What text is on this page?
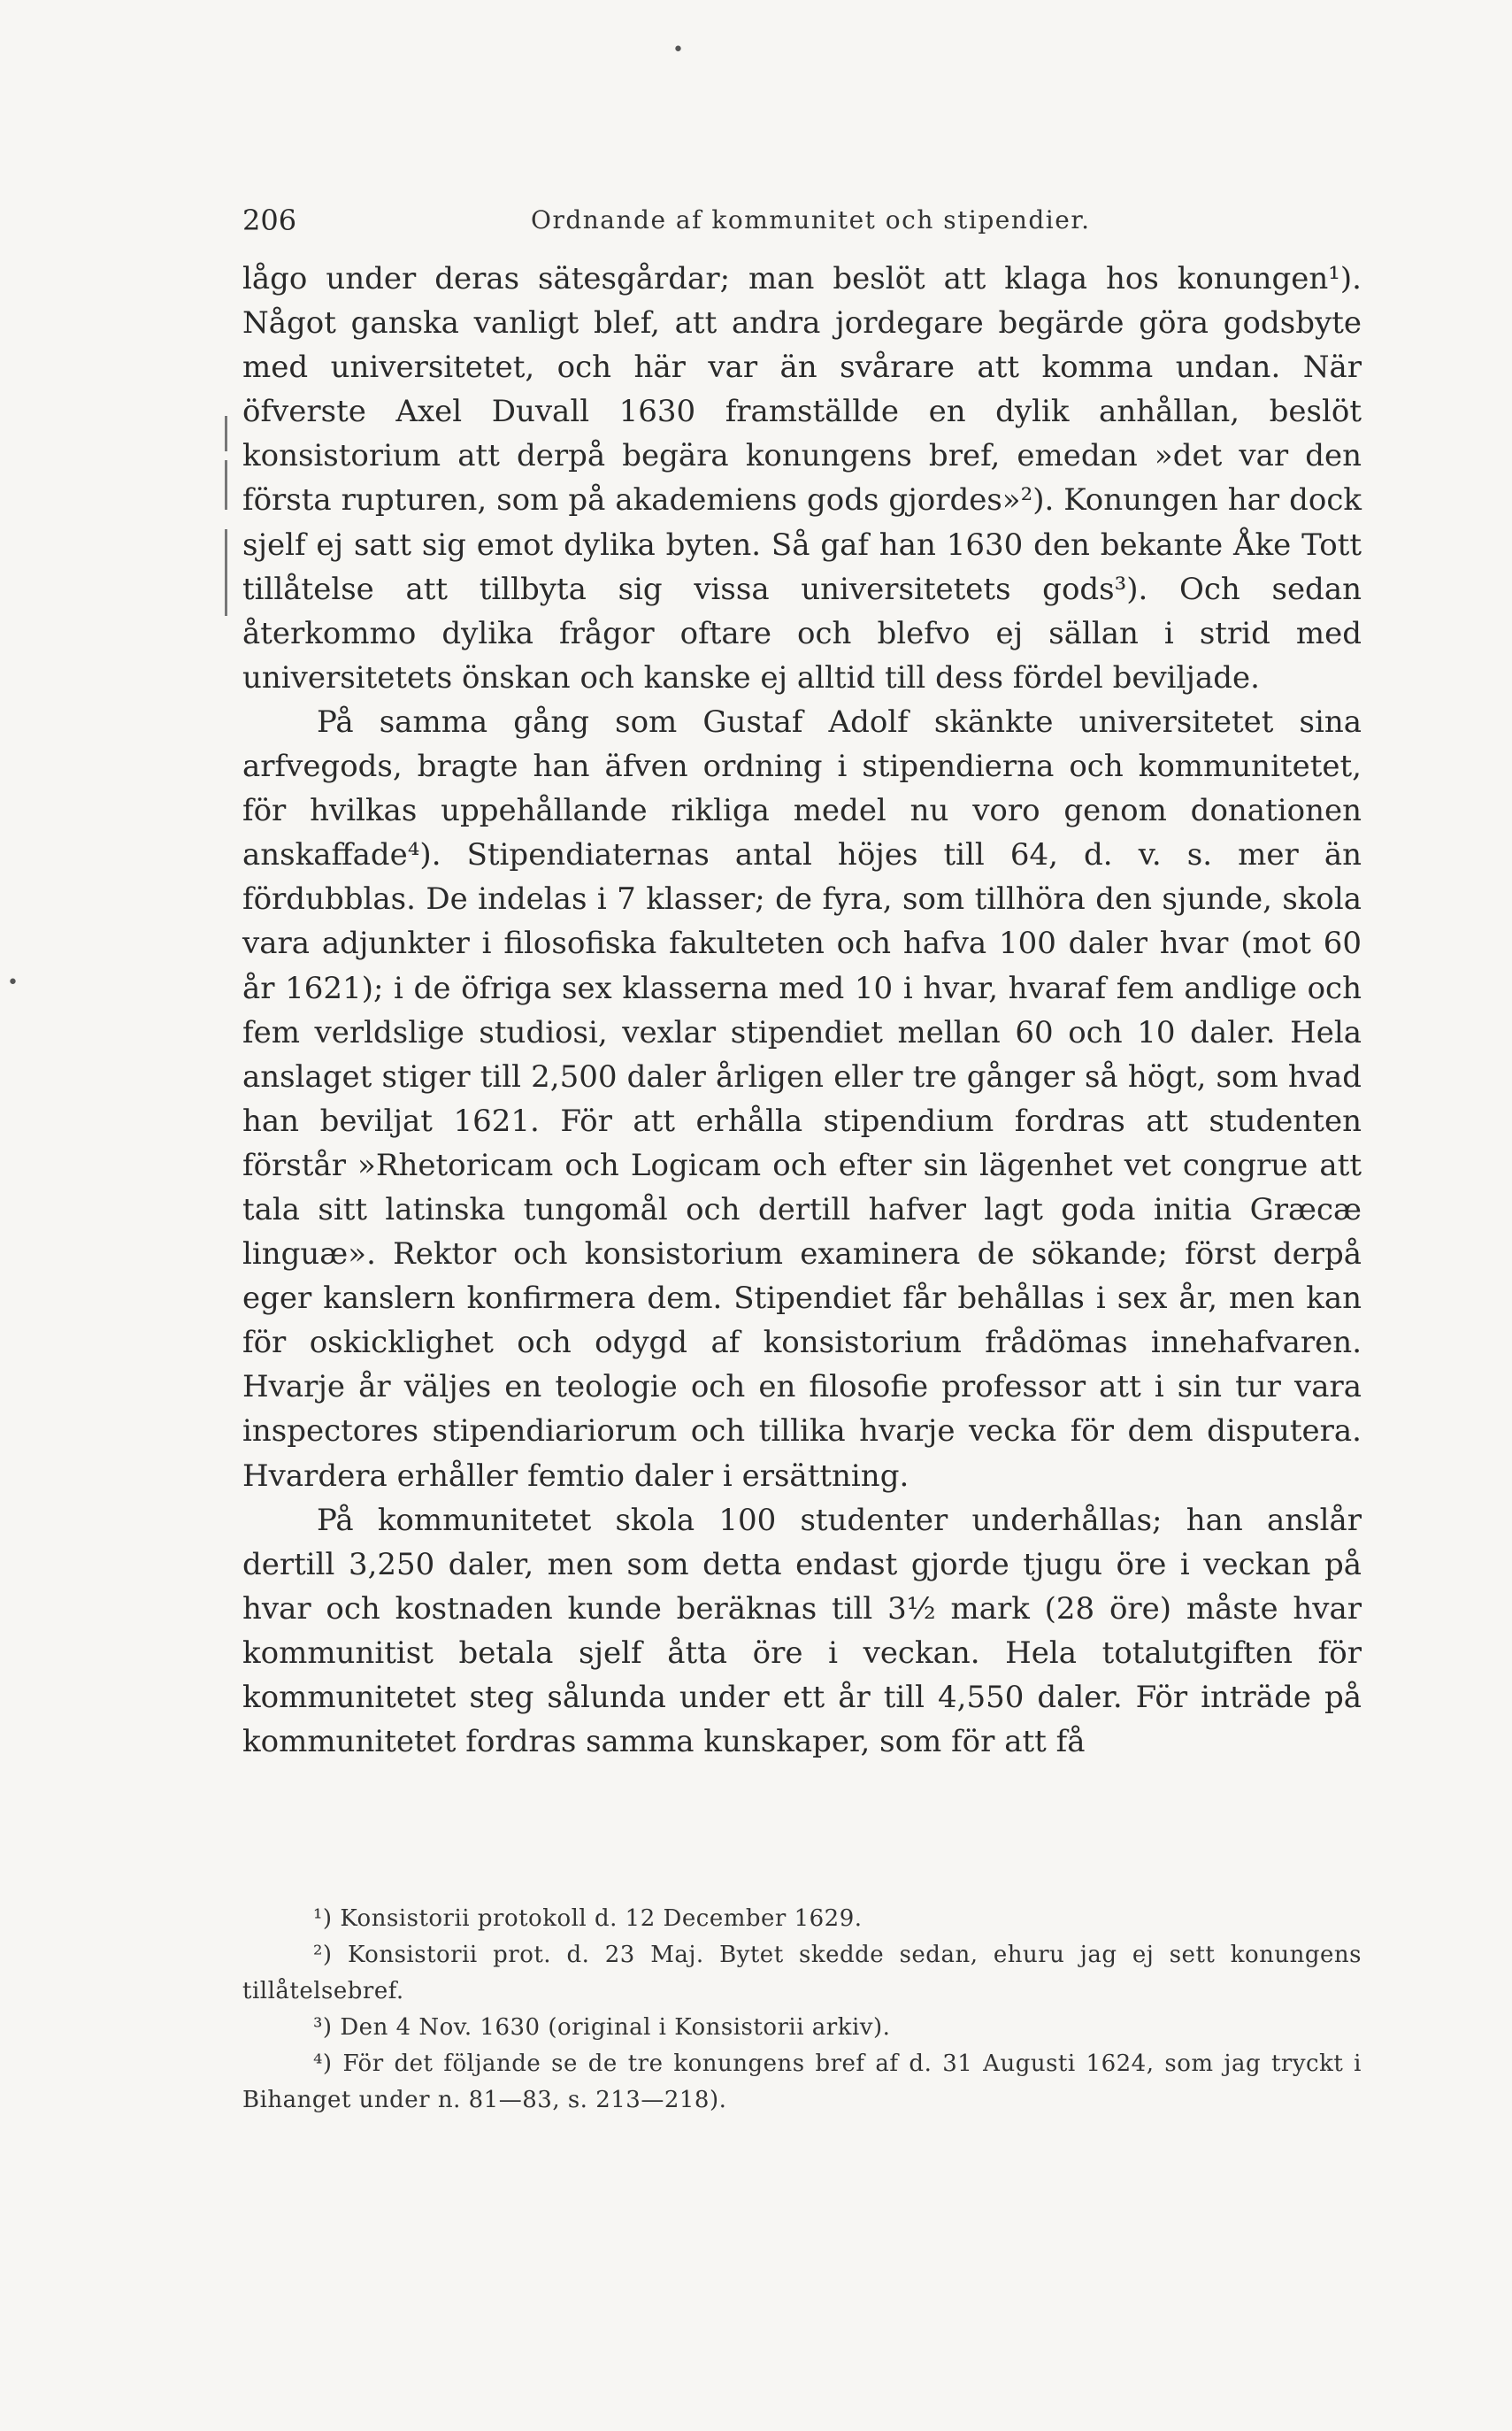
•
•
206	Ordnande af kommunitet och stipendier.

lågo under deras sätesgårdar; man beslöt att klaga hos konungen¹). Något ganska vanligt blef, att andra jordegare begärde göra godsbyte med universitetet, och här var än svårare att komma undan. När öfverste Axel Duvall 1630 framställde en dylik anhållan, beslöt konsistorium att derpå begära konungens bref, emedan »det var den första rupturen, som på akademiens gods gjordes»²). Konungen har dock sjelf ej satt sig emot dylika byten. Så gaf han 1630 den bekante Åke Tott tillåtelse att tillbyta sig vissa universitetets gods³). Och sedan återkommo dylika frågor oftare och blefvo ej sällan i strid med universitetets önskan och kanske ej alltid till dess fördel beviljade.

På samma gång som Gustaf Adolf skänkte universitetet sina arfvegods, bragte han äfven ordning i stipendierna och kommunitetet, för hvilkas uppehållande rikliga medel nu voro genom donationen anskaffade⁴). Stipendiaternas antal höjes till 64, d. v. s. mer än fördubblas. De indelas i 7 klasser; de fyra, som tillhöra den sjunde, skola vara adjunkter i filosofiska fakulteten och hafva 100 daler hvar (mot 60 år 1621); i de öfriga sex klasserna med 10 i hvar, hvaraf fem andlige och fem verldslige studiosi, vexlar stipendiet mellan 60 och 10 daler. Hela anslaget stiger till 2,500 daler årligen eller tre gånger så högt, som hvad han beviljat 1621. För att erhålla stipendium fordras att studenten förstår »Rhetoricam och Logicam och efter sin lägenhet vet congrue att tala sitt latinska tungomål och dertill hafver lagt goda initia Græcæ linguæ». Rektor och konsistorium examinera de sökande; först derpå eger kanslern konfirmera dem. Stipendiet får behållas i sex år, men kan för oskicklighet och odygd af konsistorium frådömas innehafvaren. Hvarje år väljes en teologie och en filosofie professor att i sin tur vara inspectores stipendiariorum och tillika hvarje vecka för dem disputera. Hvardera erhåller femtio daler i ersättning.

På kommunitetet skola 100 studenter underhållas; han anslår dertill 3,250 daler, men som detta endast gjorde tjugu öre i veckan på hvar och kostnaden kunde beräknas till 3½ mark (28 öre) måste hvar kommunitist betala sjelf åtta öre i veckan. Hela totalutgiften för kommunitetet steg sålunda under ett år till 4,550 daler. För inträde på kommunitetet fordras samma kunskaper, som för att få

¹) Konsistorii protokoll d. 12 December 1629.

²) Konsistorii prot. d. 23 Maj. Bytet skedde sedan, ehuru jag ej sett konungens tillåtelsebref.

³) Den 4 Nov. 1630 (original i Konsistorii arkiv).

⁴) För det följande se de tre konungens bref af d. 31 Augusti 1624, som jag tryckt i Bihanget under n. 81—83, s. 213—218).
